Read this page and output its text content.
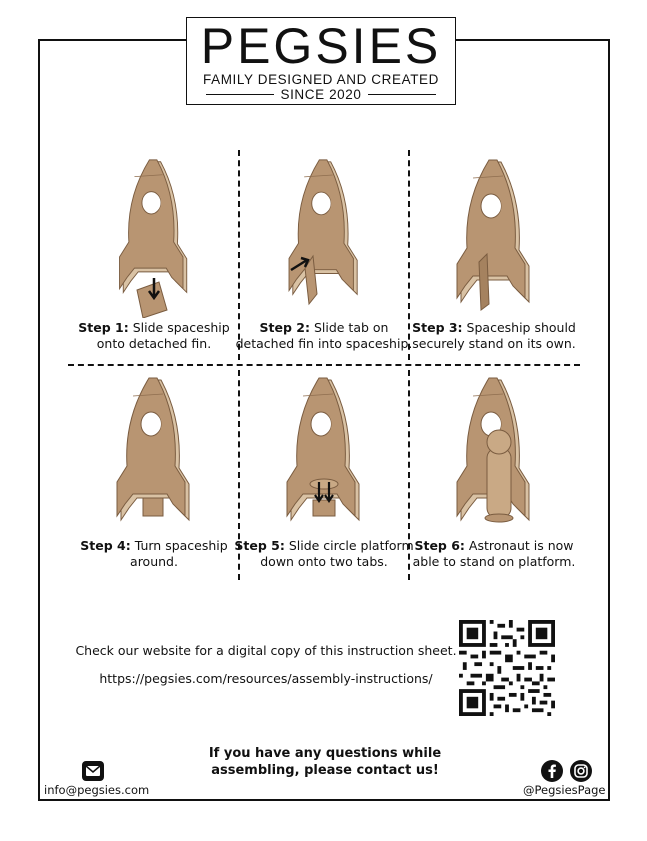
PEGSIES
FAMILY DESIGNED AND CREATED
SINCE 2020
Step 1: Slide spaceship
onto detached fin.
Step 2: Slide tab on
detached fin into spaceship.
Step 3: Spaceship should
securely stand on its own.
Step 4: Turn spaceship
around.
Step 5: Slide circle platform
down onto two tabs.
Step 6: Astronaut is now
able to stand on platform.
Check our website for a digital copy of this instruction sheet.
https://pegsies.com/resources/assembly-instructions/
If you have any questions while
assembling, please contact us!
info@pegsies.com	@PegsiesPage
